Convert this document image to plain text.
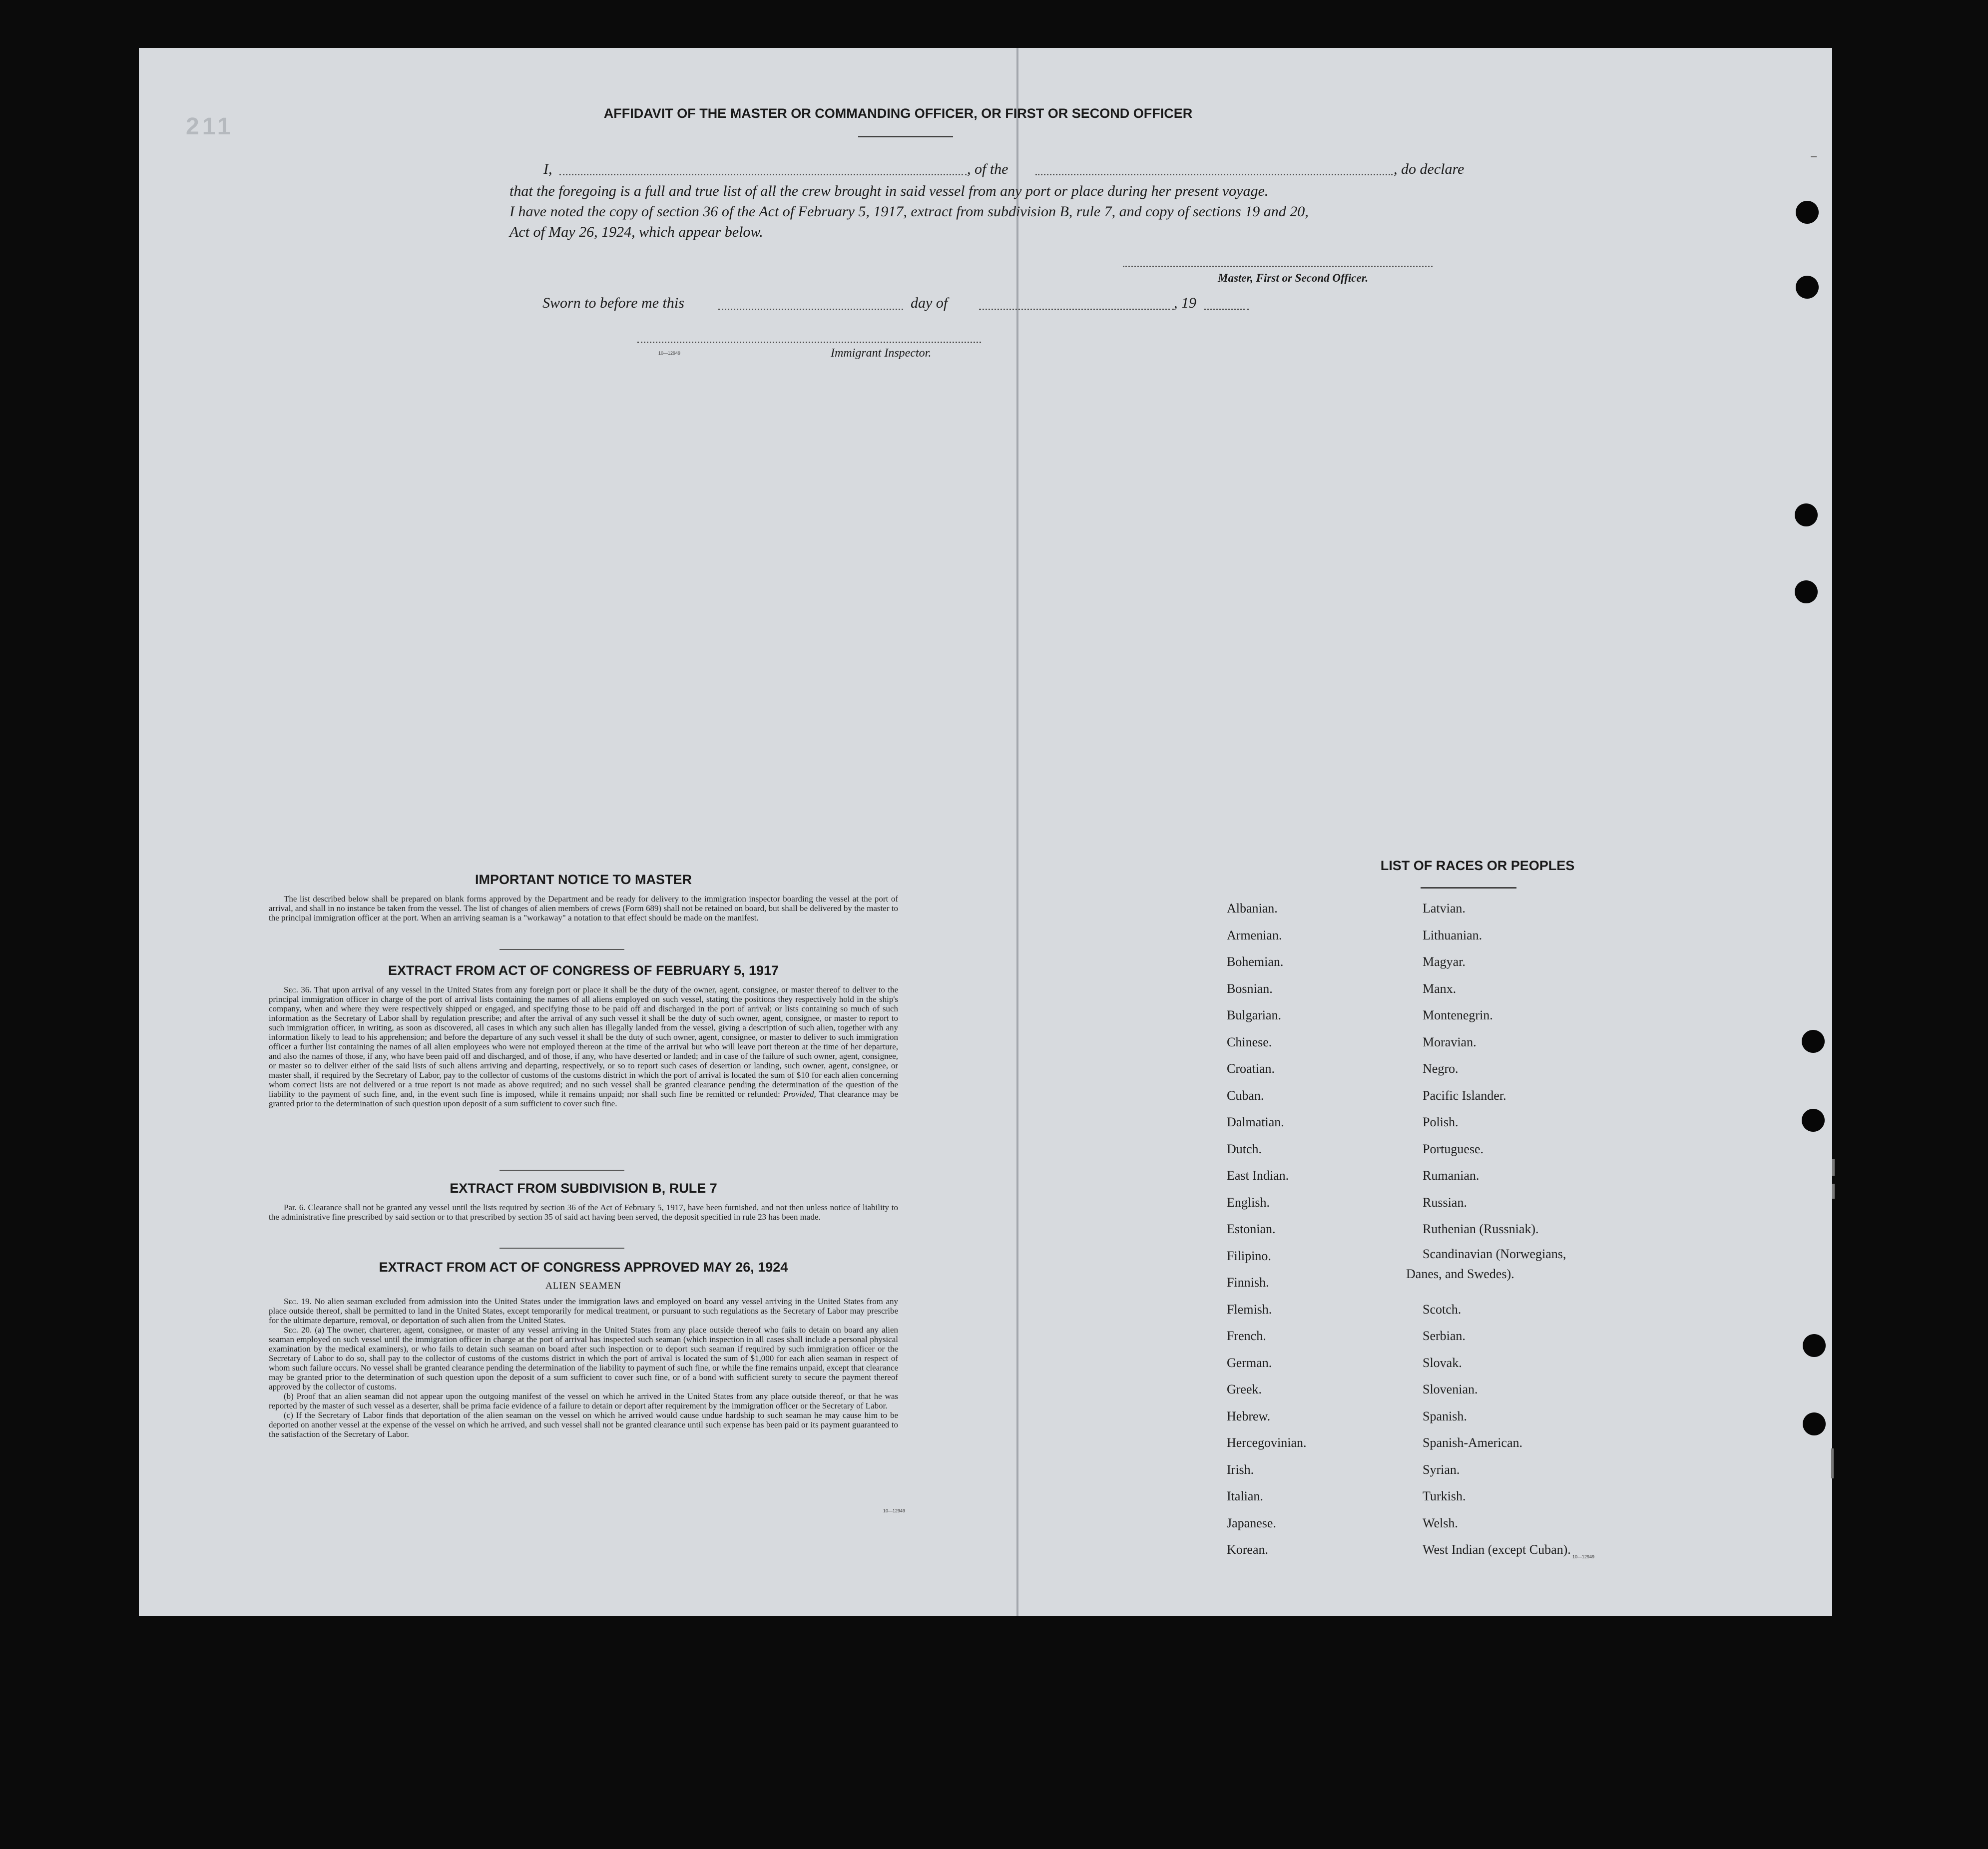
211	AFFIDAVIT OF THE MASTER OR COMMANDING OFFICER, OR FIRST OR SECOND OFFICER
I,	, of the	, do declare
that the foregoing is a full and true list of all the crew brought in said vessel from any port or place during her present voyage.
I have noted the copy of section 36 of the Act of February 5, 1917, extract from subdivision B, rule 7, and copy of sections 19 and 20,
Act of May 26, 1924, which appear below.
Master, First or Second Officer.
Sworn to before me this	day of	, 19
10—12949	Immigrant Inspector.
IMPORTANT NOTICE TO MASTER

The list described below shall be prepared on blank forms approved by the Department and be ready for delivery to the immigration inspector boarding the vessel at the port of arrival, and shall in no instance be taken from the vessel. The list of changes of alien members of crews (Form 689) shall not be retained on board, but shall be delivered by the master to the principal immigration officer at the port. When an arriving seaman is a "workaway" a notation to that effect should be made on the manifest.

EXTRACT FROM ACT OF CONGRESS OF FEBRUARY 5, 1917

Sec. 36. That upon arrival of any vessel in the United States from any foreign port or place it shall be the duty of the owner, agent, consignee, or master thereof to deliver to the principal immigration officer in charge of the port of arrival lists containing the names of all aliens employed on such vessel, stating the positions they respectively hold in the ship's company, when and where they were respectively shipped or engaged, and specifying those to be paid off and discharged in the port of arrival; or lists containing so much of such information as the Secretary of Labor shall by regulation prescribe; and after the arrival of any such vessel it shall be the duty of such owner, agent, consignee, or master to report to such immigration officer, in writing, as soon as discovered, all cases in which any such alien has illegally landed from the vessel, giving a description of such alien, together with any information likely to lead to his apprehension; and before the departure of any such vessel it shall be the duty of such owner, agent, consignee, or master to deliver to such immigration officer a further list containing the names of all alien employees who were not employed thereon at the time of the arrival but who will leave port thereon at the time of her departure, and also the names of those, if any, who have been paid off and discharged, and of those, if any, who have deserted or landed; and in case of the failure of such owner, agent, consignee, or master so to deliver either of the said lists of such aliens arriving and departing, respectively, or so to report such cases of desertion or landing, such owner, agent, consignee, or master shall, if required by the Secretary of Labor, pay to the collector of customs of the customs district in which the port of arrival is located the sum of $10 for each alien concerning whom correct lists are not delivered or a true report is not made as above required; and no such vessel shall be granted clearance pending the determination of the question of the liability to the payment of such fine, and, in the event such fine is imposed, while it remains unpaid; nor shall such fine be remitted or refunded: Provided, That clearance may be granted prior to the determination of such question upon deposit of a sum sufficient to cover such fine.

EXTRACT FROM SUBDIVISION B, RULE 7

Par. 6. Clearance shall not be granted any vessel until the lists required by section 36 of the Act of February 5, 1917, have been furnished, and not then unless notice of liability to the administrative fine prescribed by said section or to that prescribed by section 35 of said act having been served, the deposit specified in rule 23 has been made.

EXTRACT FROM ACT OF CONGRESS APPROVED MAY 26, 1924
ALIEN SEAMEN

Sec. 19. No alien seaman excluded from admission into the United States under the immigration laws and employed on board any vessel arriving in the United States from any place outside thereof, shall be permitted to land in the United States, except temporarily for medical treatment, or pursuant to such regulations as the Secretary of Labor may prescribe for the ultimate departure, removal, or deportation of such alien from the United States.

Sec. 20. (a) The owner, charterer, agent, consignee, or master of any vessel arriving in the United States from any place outside thereof who fails to detain on board any alien seaman employed on such vessel until the immigration officer in charge at the port of arrival has inspected such seaman (which inspection in all cases shall include a personal physical examination by the medical examiners), or who fails to detain such seaman on board after such inspection or to deport such seaman if required by such immigration officer or the Secretary of Labor to do so, shall pay to the collector of customs of the customs district in which the port of arrival is located the sum of $1,000 for each alien seaman in respect of whom such failure occurs. No vessel shall be granted clearance pending the determination of the liability to payment of such fine, or while the fine remains unpaid, except that clearance may be granted prior to the determination of such question upon the deposit of a sum sufficient to cover such fine, or of a bond with sufficient surety to secure the payment thereof approved by the collector of customs.

(b) Proof that an alien seaman did not appear upon the outgoing manifest of the vessel on which he arrived in the United States from any place outside thereof, or that he was reported by the master of such vessel as a deserter, shall be prima facie evidence of a failure to detain or deport after requirement by the immigration officer or the Secretary of Labor.

(c) If the Secretary of Labor finds that deportation of the alien seaman on the vessel on which he arrived would cause undue hardship to such seaman he may cause him to be deported on another vessel at the expense of the vessel on which he arrived, and such vessel shall not be granted clearance until such expense has been paid or its payment guaranteed to the satisfaction of the Secretary of Labor.

10—12949
LIST OF RACES OR PEOPLES
Albanian.
Armenian.
Bohemian.
Bosnian.
Bulgarian.
Chinese.
Croatian.
Cuban.
Dalmatian.
Dutch.
East Indian.
English.
Estonian.
Filipino.
Finnish.
Flemish.
French.
German.
Greek.
Hebrew.
Hercegovinian.
Irish.
Italian.
Japanese.
Korean.
Latvian.
Lithuanian.
Magyar.
Manx.
Montenegrin.
Moravian.
Negro.
Pacific Islander.
Polish.
Portuguese.
Rumanian.
Russian.
Ruthenian (Russniak).
Scandinavian (Norwegians,
Scotch.
Serbian.
Slovak.
Slovenian.
Spanish.
Spanish-American.
Syrian.
Turkish.
Welsh.
West Indian (except Cuban).
Danes, and Swedes).
10—12949
